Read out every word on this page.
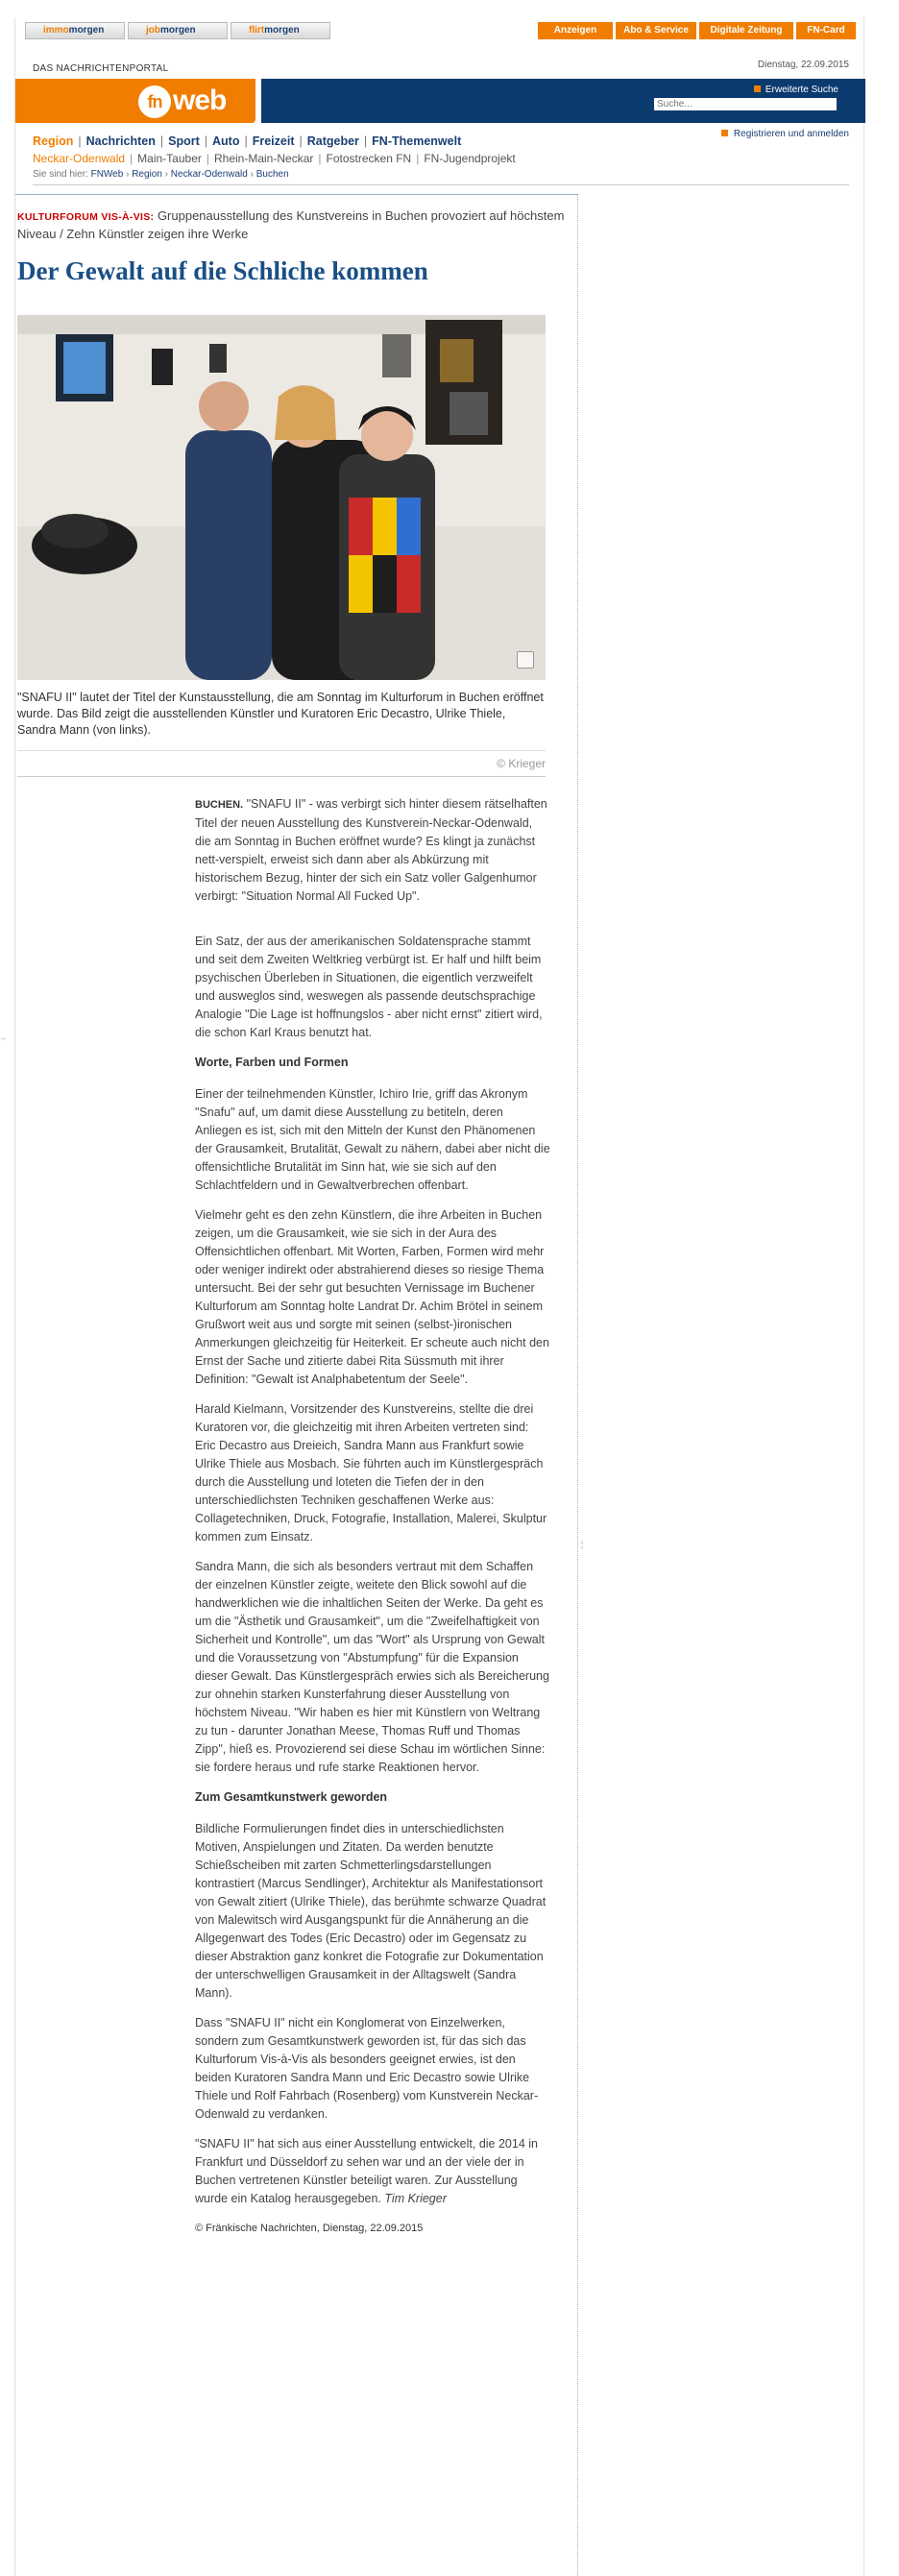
immomorgen	jobmorgen	flirtmorgen	Anzeigen	Abo & Service	Digitale Zeitung	FN-Card
DAS NACHRICHTENPORTAL	Dienstag, 22.09.2015
fn web	Erweiterte Suche
Suche...
Region | Nachrichten | Sport | Auto | Freizeit | Ratgeber | FN-Themenwelt
Registrieren und anmelden
Neckar-Odenwald | Main-Tauber | Rhein-Main-Neckar | Fotostrecken FN | FN-Jugendprojekt
Sie sind hier: FNWeb › Region › Neckar-Odenwald › Buchen
–
¦
KULTURFORUM VIS-À-VIS: Gruppenausstellung des Kunstvereins in Buchen provoziert auf höchstem Niveau / Zehn Künstler zeigen ihre Werke
Der Gewalt auf die Schliche kommen
"SNAFU II" lautet der Titel der Kunstausstellung, die am Sonntag im Kulturforum in Buchen eröffnet wurde. Das Bild zeigt die ausstellenden Künstler und Kuratoren Eric Decastro, Ulrike Thiele, Sandra Mann (von links).
© Krieger

BUCHEN. "SNAFU II" - was verbirgt sich hinter diesem rätselhaften Titel der neuen Ausstellung des Kunstverein-Neckar-Odenwald, die am Sonntag in Buchen eröffnet wurde? Es klingt ja zunächst nett-verspielt, erweist sich dann aber als Abkürzung mit historischem Bezug, hinter der sich ein Satz voller Galgenhumor verbirgt: "Situation Normal All Fucked Up".

Ein Satz, der aus der amerikanischen Soldatensprache stammt und seit dem Zweiten Weltkrieg verbürgt ist. Er half und hilft beim psychischen Überleben in Situationen, die eigentlich verzweifelt und ausweglos sind, weswegen als passende deutschsprachige Analogie "Die Lage ist hoffnungslos - aber nicht ernst" zitiert wird, die schon Karl Kraus benutzt hat.

Worte, Farben und Formen

Einer der teilnehmenden Künstler, Ichiro Irie, griff das Akronym "Snafu" auf, um damit diese Ausstellung zu betiteln, deren Anliegen es ist, sich mit den Mitteln der Kunst den Phänomenen der Grausamkeit, Brutalität, Gewalt zu nähern, dabei aber nicht die offensichtliche Brutalität im Sinn hat, wie sie sich auf den Schlachtfeldern und in Gewaltverbrechen offenbart.

Vielmehr geht es den zehn Künstlern, die ihre Arbeiten in Buchen zeigen, um die Grausamkeit, wie sie sich in der Aura des Offensichtlichen offenbart. Mit Worten, Farben, Formen wird mehr oder weniger indirekt oder abstrahierend dieses so riesige Thema untersucht. Bei der sehr gut besuchten Vernissage im Buchener Kulturforum am Sonntag holte Landrat Dr. Achim Brötel in seinem Grußwort weit aus und sorgte mit seinen (selbst-)ironischen Anmerkungen gleichzeitig für Heiterkeit. Er scheute auch nicht den Ernst der Sache und zitierte dabei Rita Süssmuth mit ihrer Definition: "Gewalt ist Analphabetentum der Seele".

Harald Kielmann, Vorsitzender des Kunstvereins, stellte die drei Kuratoren vor, die gleichzeitig mit ihren Arbeiten vertreten sind: Eric Decastro aus Dreieich, Sandra Mann aus Frankfurt sowie Ulrike Thiele aus Mosbach. Sie führten auch im Künstlergespräch durch die Ausstellung und loteten die Tiefen der in den unterschiedlichsten Techniken geschaffenen Werke aus: Collagetechniken, Druck, Fotografie, Installation, Malerei, Skulptur kommen zum Einsatz.

Sandra Mann, die sich als besonders vertraut mit dem Schaffen der einzelnen Künstler zeigte, weitete den Blick sowohl auf die handwerklichen wie die inhaltlichen Seiten der Werke. Da geht es um die "Ästhetik und Grausamkeit", um die "Zweifelhaftigkeit von Sicherheit und Kontrolle", um das "Wort" als Ursprung von Gewalt und die Voraussetzung von "Abstumpfung" für die Expansion dieser Gewalt. Das Künstlergespräch erwies sich als Bereicherung zur ohnehin starken Kunsterfahrung dieser Ausstellung von höchstem Niveau. "Wir haben es hier mit Künstlern von Weltrang zu tun - darunter Jonathan Meese, Thomas Ruff und Thomas Zipp", hieß es. Provozierend sei diese Schau im wörtlichen Sinne: sie fordere heraus und rufe starke Reaktionen hervor.

Zum Gesamtkunstwerk geworden

Bildliche Formulierungen findet dies in unterschiedlichsten Motiven, Anspielungen und Zitaten. Da werden benutzte Schießscheiben mit zarten Schmetterlingsdarstellungen kontrastiert (Marcus Sendlinger), Architektur als Manifestationsort von Gewalt zitiert (Ulrike Thiele), das berühmte schwarze Quadrat von Malewitsch wird Ausgangspunkt für die Annäherung an die Allgegenwart des Todes (Eric Decastro) oder im Gegensatz zu dieser Abstraktion ganz konkret die Fotografie zur Dokumentation der unterschwelligen Grausamkeit in der Alltagswelt (Sandra Mann).

Dass "SNAFU II" nicht ein Konglomerat von Einzelwerken, sondern zum Gesamtkunstwerk geworden ist, für das sich das Kulturforum Vis-à-Vis als besonders geeignet erwies, ist den beiden Kuratoren Sandra Mann und Eric Decastro sowie Ulrike Thiele und Rolf Fahrbach (Rosenberg) vom Kunstverein Neckar-Odenwald zu verdanken.

"SNAFU II" hat sich aus einer Ausstellung entwickelt, die 2014 in Frankfurt und Düsseldorf zu sehen war und an der viele der in Buchen vertretenen Künstler beteiligt waren. Zur Ausstellung wurde ein Katalog herausgegeben. Tim Krieger

© Fränkische Nachrichten, Dienstag, 22.09.2015
